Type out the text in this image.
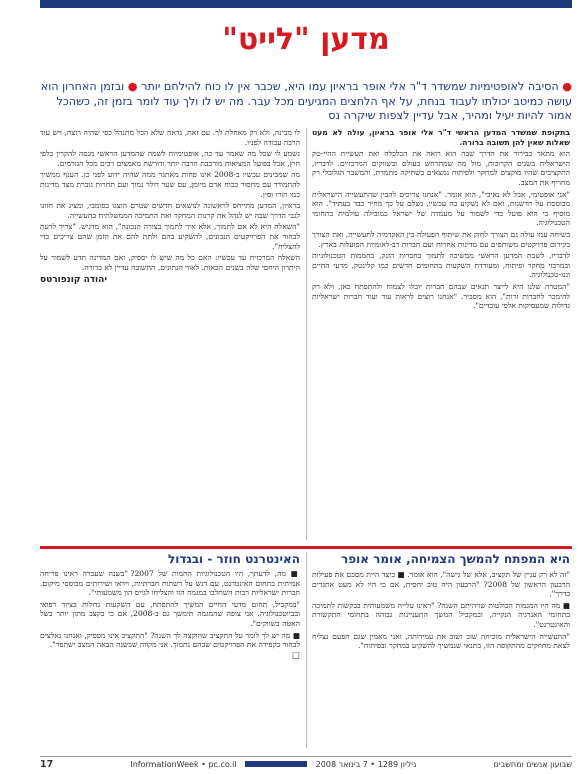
מדען "לייט"
● הסיבה לאופטימיות שמשדר ד"ר אלי אופר בראיון עמו היא, שכבר אין לו כוח להילחם יותר ● ובזמן האחרון הוא עושה כמיטב יכולתו לעבוד בנחת, על אף הלחצים המגיעים מכל עבר. מה יש לו ולך עוד לומר בזמן זה, כשהכל אמור להיות יעיל ומהיר, אבל עדיין לצפות שיקרה נס

בתקופת שמשדר המדען הראשי ד"ר אלי אופר בראיון, עולה לא מעט שאלות שאין להן תשובה ברורה.

הוא מתאר בבירור את הדרך שבה הוא רואה את הכלכלה ואת תעשיית ההיי-טק הישראלית בשנים הקרובות, מול מה שמתרחש בעולם ובשווקים המרכזיים. לדבריו, התקציבים שהיו מוקצים למחקר ולפיתוח נמצאים בשחיקה מתמדת, והמשבר הגלובלי רק מחריף את המצב.

"אני אופטימי, אבל לא נאיבי", הוא אומר. "אנחנו צריכים להבין שהתעשייה הישראלית מבוססת על חדשנות, ואם לא נשקיע בה עכשיו, נשלם על כך מחיר כבד בעתיד". הוא מוסיף כי הוא פועל כדי לשמור על מעמדה של ישראל כמובילה עולמית בתחומי הטכנולוגיה.

בשיחה עמו עולה גם הצורך לחזק את שיתוף הפעולה בין האקדמיה לתעשייה, ואת הצורך בקידום פרויקטים משותפים עם מדינות אחרות ועם חברות רב-לאומיות הפועלות בארץ.

לדבריו, לשכת המדען הראשי ממשיכה לתמוך בחברות הזנק, בחממות הטכנולוגיות ובמרכזי מחקר ופיתוח, ומעודדת השקעות בתחומים חדשים כמו קלינטק, מדעי החיים וננו-טכנולוגיה.

"המטרה שלנו היא לייצר תנאים שבהם חברות יוכלו לצמוח ולהתפתח כאן, ולא רק להימכר לחברות זרות", הוא מסביר. "אנחנו רוצים לראות עוד ועוד חברות ישראליות גדולות שמעסיקות אלפי עובדים".

לו מבינה, ולא רק מאחלת לך. עם זאת, נראה שלא הכל מתנהל כפי שהיה רוצה, ויש עוד הרבה עבודה לפניו.

נשמע לו שכל מה שאמר עד כה, אופטימיות לשמה שהמדען הראשי מנסה להקרין כלפי חוץ, אבל בפועל המציאות מורכבת הרבה יותר ודורשת מאמצים רבים מכל הגורמים.

מה שמבינים עכשיו ב-2008 אינו פחות מאתגר ממה שהיה ידוע לפני כן. הענף ממשיך להתמודד עם מחסור בכוח אדם מיומן, עם שער דולר נמוך ועם תחרות גוברת מצד מדינות כמו הודו וסין.

בראיון, המדען מתייחס לראשונה לנושאים חדשים שטרם הוצגו בפומבי, ומציג את חזונו לגבי הדרך שבה יש לנהל את קרנות המחקר ואת התמיכה הממשלתית בתעשייה.

"השאלה היא לא אם לתמוך, אלא איך לתמוך בצורה הנכונה", הוא מדגיש. "צריך לדעת לבחור את הפרויקטים הנכונים, להשקיע בהם ולתת להם את הזמן שהם צריכים כדי להצליח".

השאלה המרכזית עד עכשיו: האם כל מה שיש לו יספיק, ואם המדינה תדע לשמור על היתרון היחסי שלה בשנים הבאות. לאור הנתונים, התשובה עדיין לא ברורה.

יהודה קונפורטס
היא המפתח להמשך הצמיחה, אומר אופר

"זה לא רק עניין של תקציב, אלא של גישה", הוא אומר. ■ כיצד היית מסכם את פעילות הרבעון הראשון של 2008? "הרבעון היה טוב יחסית, אם כי היו לא מעט אתגרים בדרך".

■ מה היו המגמות הבולטות שזיהיתם השנה? "ראינו עלייה משמעותית בבקשות לתמיכה בתחומי האנרגיה הנקייה, ובמקביל המשך התעניינות גבוהה בתחומי התקשורת והאינטרנט".

"התעשייה הישראלית מוכיחה שוב ושוב את עמידותה, ואני מאמין שגם הפעם נצליח לצאת מחוזקים מהתקופה הזו, בתנאי שנמשיך להשקיע במחקר ובפיתוח".

האינטרנט חוזר - ובגדול

■ מה, לדעתך, היו הטכנולוגיות החמות של 2007? "בשנה שעברה ראינו פריחה אמיתית בתחום האינטרנט, עם דגש על רשתות חברתיות, וידאו ושירותים מבוססי מיקום. חברות ישראליות רבות השתלבו במגמה הזו והצליחו לגייס הון משמעותי".

"במקביל, תחום מדעי החיים המשיך להתפתח, עם השקעות גדולות בציוד רפואי ובביוטכנולוגיה. אני צופה שהמגמה תימשך גם ב-2008, אם כי בקצב מתון יותר בשל האטה בשווקים".

■ מה יש לך לומר על התקציב שהוקצה לך השנה? "התקציב אינו מספיק, ואנחנו נאלצים לבחור בקפידה את הפרויקטים שבהם נתמוך. אני מקווה שבשנה הבאה המצב ישתפר".

☐
שבועון אנשים ומחשבים
גיליון 1289 • 7 בינואר 2008  InformationWeek • pc.co.il
17
